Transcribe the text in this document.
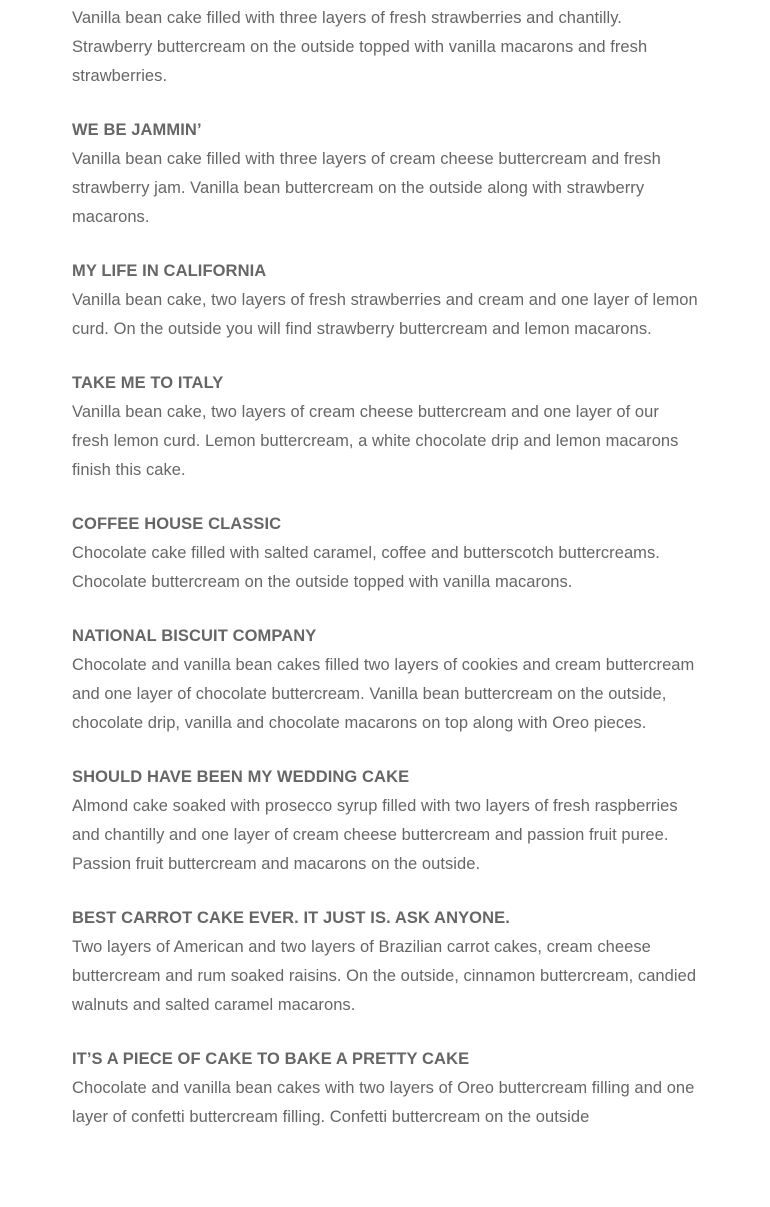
Vanilla bean cake filled with three layers of fresh strawberries and chantilly. Strawberry buttercream on the outside topped with vanilla macarons and fresh strawberries.

WE BE JAMMIN’

Vanilla bean cake filled with three layers of cream cheese buttercream and fresh strawberry jam. Vanilla bean buttercream on the outside along with strawberry macarons.

MY LIFE IN CALIFORNIA

Vanilla bean cake, two layers of fresh strawberries and cream and one layer of lemon curd. On the outside you will find strawberry buttercream and lemon macarons.

TAKE ME TO ITALY

Vanilla bean cake, two layers of cream cheese buttercream and one layer of our fresh lemon curd. Lemon buttercream, a white chocolate drip and lemon macarons finish this cake.

COFFEE HOUSE CLASSIC

Chocolate cake filled with salted caramel, coffee and butterscotch buttercreams. Chocolate buttercream on the outside topped with vanilla macarons.

NATIONAL BISCUIT COMPANY

Chocolate and vanilla bean cakes filled two layers of cookies and cream buttercream and one layer of chocolate buttercream. Vanilla bean buttercream on the outside, chocolate drip, vanilla and chocolate macarons on top along with Oreo pieces.

SHOULD HAVE BEEN MY WEDDING CAKE

Almond cake soaked with prosecco syrup filled with two layers of fresh raspberries and chantilly and one layer of cream cheese buttercream and passion fruit puree. Passion fruit buttercream and macarons on the outside.

BEST CARROT CAKE EVER. IT JUST IS. ASK ANYONE.

Two layers of American and two layers of Brazilian carrot cakes, cream cheese buttercream and rum soaked raisins. On the outside, cinnamon buttercream, candied walnuts and salted caramel macarons.

IT’S A PIECE OF CAKE TO BAKE A PRETTY CAKE

Chocolate and vanilla bean cakes with two layers of Oreo buttercream filling and one layer of confetti buttercream filling. Confetti buttercream on the outside
